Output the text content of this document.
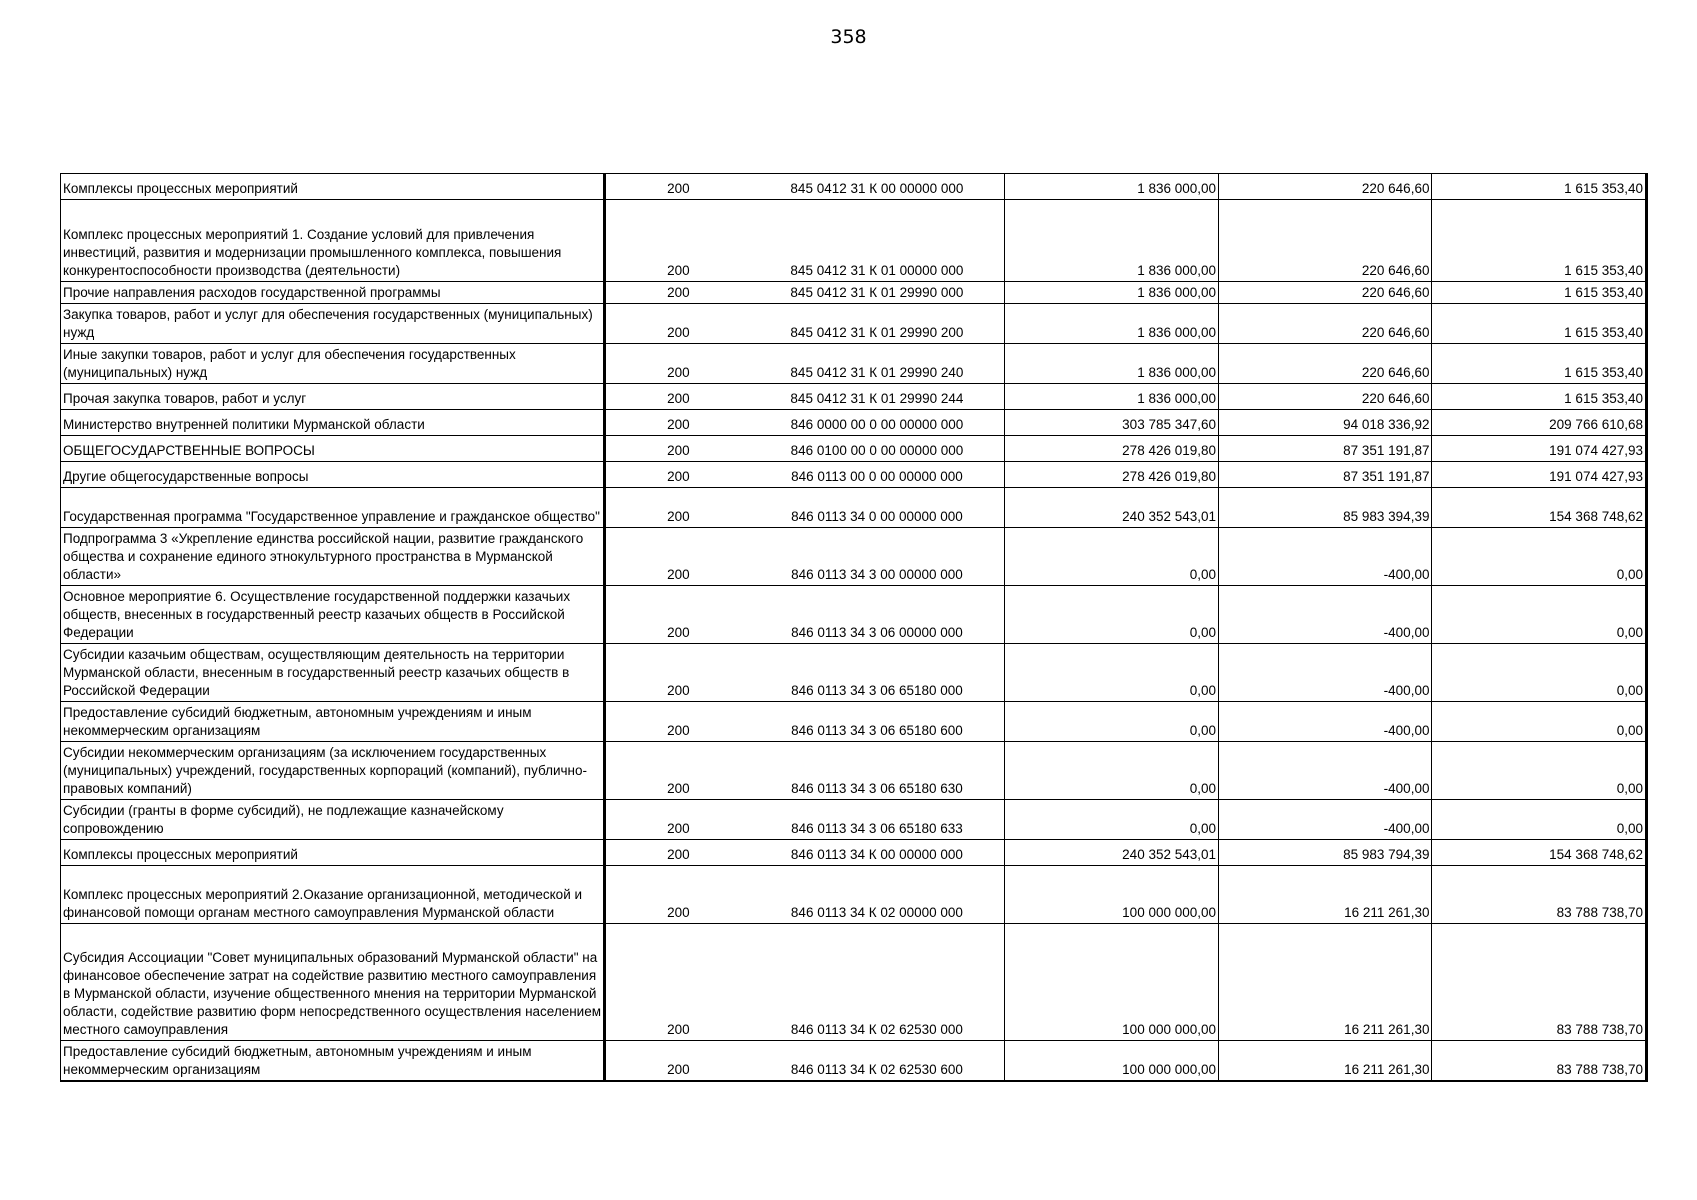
358
Комплексы процессных мероприятий	200	845 0412 31 К 00 00000 000	1 836 000,00	220 646,60	1 615 353,40

Комплекс процессных мероприятий 1. Создание условий для привлечения инвестиций, развития и модернизации промышленного комплекса, повышения конкурентоспособности производства (деятельности)	200	845 0412 31 К 01 00000 000	1 836 000,00	220 646,60	1 615 353,40

Прочие направления расходов государственной программы	200	845 0412 31 К 01 29990 000	1 836 000,00	220 646,60	1 615 353,40

Закупка товаров, работ и услуг для обеспечения государственных (муниципальных) нужд	200	845 0412 31 К 01 29990 200	1 836 000,00	220 646,60	1 615 353,40

Иные закупки товаров, работ и услуг для обеспечения государственных (муниципальных) нужд	200	845 0412 31 К 01 29990 240	1 836 000,00	220 646,60	1 615 353,40

Прочая закупка товаров, работ и услуг	200	845 0412 31 К 01 29990 244	1 836 000,00	220 646,60	1 615 353,40

Министерство внутренней политики Мурманской области	200	846 0000 00 0 00 00000 000	303 785 347,60	94 018 336,92	209 766 610,68

ОБЩЕГОСУДАРСТВЕННЫЕ ВОПРОСЫ	200	846 0100 00 0 00 00000 000	278 426 019,80	87 351 191,87	191 074 427,93

Другие общегосударственные вопросы	200	846 0113 00 0 00 00000 000	278 426 019,80	87 351 191,87	191 074 427,93

Государственная программа "Государственное управление и гражданское общество"	200	846 0113 34 0 00 00000 000	240 352 543,01	85 983 394,39	154 368 748,62

Подпрограмма 3 «Укрепление единства российской нации, развитие гражданского общества и сохранение единого этнокультурного пространства в Мурманской области»	200	846 0113 34 3 00 00000 000	0,00	-400,00	0,00

Основное мероприятие 6. Осуществление государственной поддержки казачьих обществ, внесенных в государственный реестр казачьих обществ в Российской Федерации	200	846 0113 34 3 06 00000 000	0,00	-400,00	0,00

Субсидии казачьим обществам, осуществляющим деятельность на территории Мурманской области, внесенным в государственный реестр казачьих обществ в Российской Федерации	200	846 0113 34 3 06 65180 000	0,00	-400,00	0,00

Предоставление субсидий бюджетным, автономным учреждениям и иным некоммерческим организациям	200	846 0113 34 3 06 65180 600	0,00	-400,00	0,00

Субсидии некоммерческим организациям (за исключением государственных (муниципальных) учреждений, государственных корпораций (компаний), публично-правовых компаний)	200	846 0113 34 3 06 65180 630	0,00	-400,00	0,00

Субсидии (гранты в форме субсидий), не подлежащие казначейскому сопровождению	200	846 0113 34 3 06 65180 633	0,00	-400,00	0,00

Комплексы процессных мероприятий	200	846 0113 34 К 00 00000 000	240 352 543,01	85 983 794,39	154 368 748,62

Комплекс процессных мероприятий 2.Оказание организационной, методической и финансовой помощи органам местного самоуправления Мурманской области	200	846 0113 34 К 02 00000 000	100 000 000,00	16 211 261,30	83 788 738,70

Субсидия Ассоциации "Совет муниципальных образований Мурманской области" на финансовое обеспечение затрат на содействие развитию местного самоуправления в Мурманской области, изучение общественного мнения на территории Мурманской области, содействие развитию форм непосредственного осуществления населением местного самоуправления	200	846 0113 34 К 02 62530 000	100 000 000,00	16 211 261,30	83 788 738,70

Предоставление субсидий бюджетным, автономным учреждениям и иным некоммерческим организациям	200	846 0113 34 К 02 62530 600	100 000 000,00	16 211 261,30	83 788 738,70
